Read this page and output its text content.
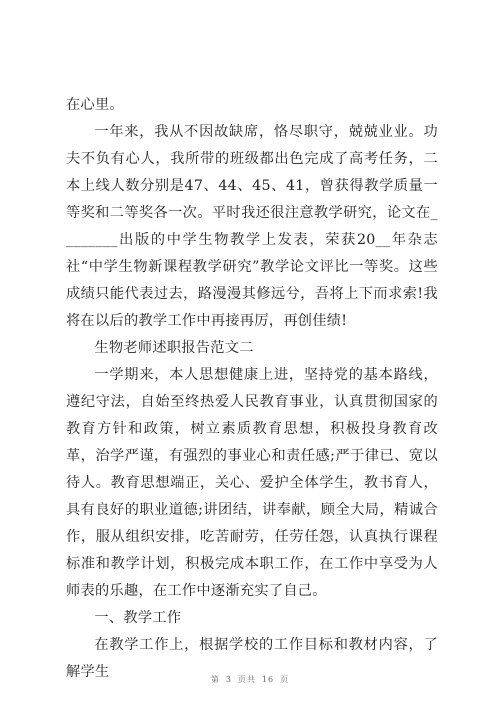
在心里。

一年来，我从不因故缺席，恪尽职守，兢兢业业。功夫不负有心人，我所带的班级都出色完成了高考任务，二本上线人数分别是47、44、45、41，曾获得教学质量一等奖和二等奖各一次。平时我还很注意教学研究，论文在________出版的中学生物教学上发表，荣获20__年杂志社“中学生物新课程教学研究”教学论文评比一等奖。这些成绩只能代表过去，路漫漫其修远兮，吾将上下而求索!我将在以后的教学工作中再接再厉，再创佳绩!

生物老师述职报告范文二

一学期来，本人思想健康上进，坚持党的基本路线，遵纪守法，自始至终热爱人民教育事业，认真贯彻国家的教育方针和政策，树立素质教育思想，积极投身教育改革，治学严谨，有强烈的事业心和责任感;严于律已、宽以待人。教育思想端正，关心、爱护全体学生，教书育人，具有良好的职业道德;讲团结，讲奉献，顾全大局，精诚合作，服从组织安排，吃苦耐劳，任劳任怨，认真执行课程标准和教学计划，积极完成本职工作，在工作中享受为人师表的乐趣，在工作中逐渐充实了自己。

一、教学工作

在教学工作上，根据学校的工作目标和教材内容，了解学生	第 3 页共 16 页
